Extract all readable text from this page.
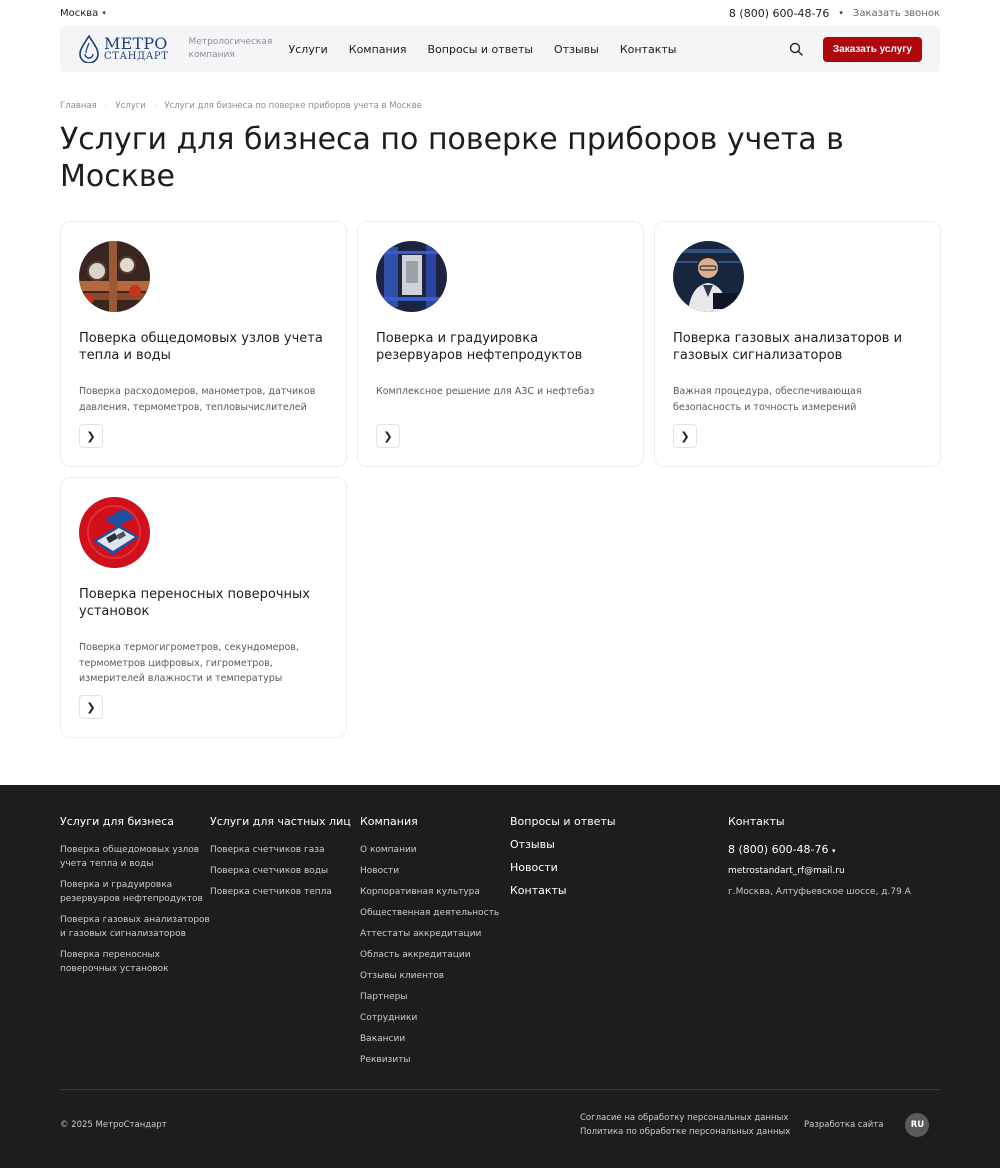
Москва ▾	8 (800) 600-48-76 ▾ Заказать звонок
МЕТРО
СТАНДАРТ
Метрологическая
компания	Услуги Компания Вопросы и ответы Отзывы Контакты	Заказать услугу
Главная · Услуги · Услуги для бизнеса по поверке приборов учета в Москве
Услуги для бизнеса по поверке приборов учета в Москве
Поверка общедомовых узлов учета тепла и воды
Поверка расходомеров, манометров, датчиков давления, термометров, тепловычислителей
❯
Поверка и градуировка резервуаров нефтепродуктов
Комплексное решение для АЗС и нефтебаз
❯
Поверка газовых анализаторов и газовых сигнализаторов
Важная процедура, обеспечивающая безопасность и точность измерений
❯
Поверка переносных поверочных установок
Поверка термогигрометров, секундомеров, термометров цифровых, гигрометров, измерителей влажности и температуры
❯
Услуги для бизнеса
Поверка общедомовых узлов учета тепла и воды
Поверка и градуировка резервуаров нефтепродуктов
Поверка газовых анализаторов и газовых сигнализаторов
Поверка переносных поверочных установок
Услуги для частных лиц
Поверка счетчиков газа
Поверка счетчиков воды
Поверка счетчиков тепла
Компания
О компании
Новости
Корпоративная культура
Общественная деятельность
Аттестаты аккредитации
Область аккредитации
Отзывы клиентов
Партнеры
Сотрудники
Вакансии
Реквизиты
Вопросы и ответы
Отзывы
Новости
Контакты
Контакты
8 (800) 600-48-76 ▾
metrostandart_rf@mail.ru
г.Москва, Алтуфьевское шоссе, д.79 А
© 2025 МетроСтандарт
Согласие на обработку персональных данных
Политика по обработке персональных данных
Разработка сайта	RU
